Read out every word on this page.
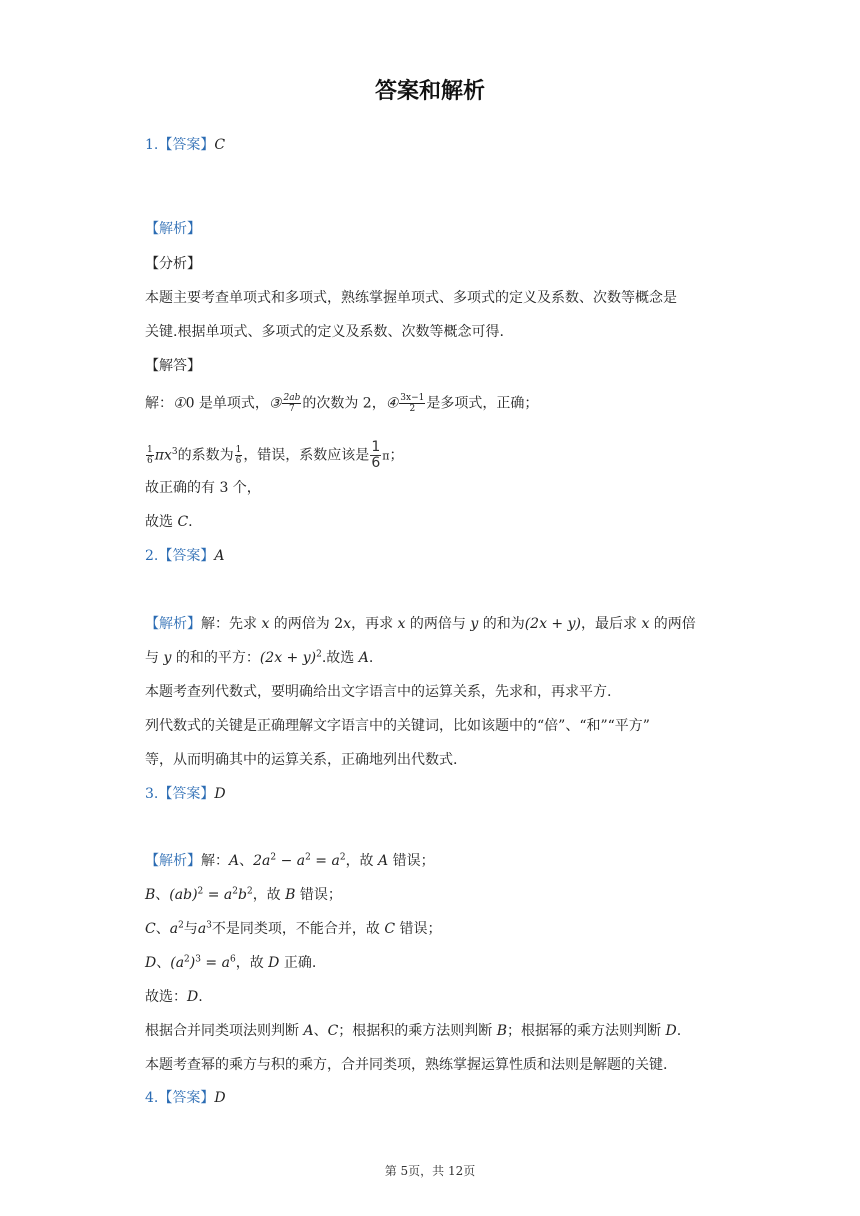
答案和解析
1.【答案】C
【解析】
【分析】
本题主要考查单项式和多项式，熟练掌握单项式、多项式的定义及系数、次数等概念是
关键.根据单项式、多项式的定义及系数、次数等概念可得.
【解答】
解：①0 是单项式，③ $\frac{2ab}{7}$ 的次数为 2，④ $\frac{3x-1}{2}$ 是多项式，正确；
$\frac{1}{6} \pi x^3$的系数为 $\frac{1}{6}$ ，错误，系数应该是 $\frac{1}{6}$ π；
故正确的有 3 个，
故选 C.
2.【答案】A
【解析】解：先求 x 的两倍为 2x，再求 x 的两倍与 y 的和为(2x + y)，最后求 x 的两倍
与 y 的和的平方：$(2x + y)^2$.故选 A.
本题考查列代数式，要明确给出文字语言中的运算关系，先求和，再求平方.
列代数式的关键是正确理解文字语言中的关键词，比如该题中的“倍”、“和”“平方”
等，从而明确其中的运算关系，正确地列出代数式.
3.【答案】D
【解析】解：A、$2a^2 - a^2 = a^2$，故 A 错误；
B、$(ab)^2 = a^2b^2$，故 B 错误；
C、$a^2$与$a^3$不是同类项，不能合并，故 C 错误；
D、$(a^2)^3 = a^6$，故 D 正确.
故选：D.
根据合并同类项法则判断 A、C；根据积的乘方法则判断 B；根据幂的乘方法则判断 D.
本题考查幂的乘方与积的乘方，合并同类项，熟练掌握运算性质和法则是解题的关键.
4.【答案】D
第 5页，共 12页
